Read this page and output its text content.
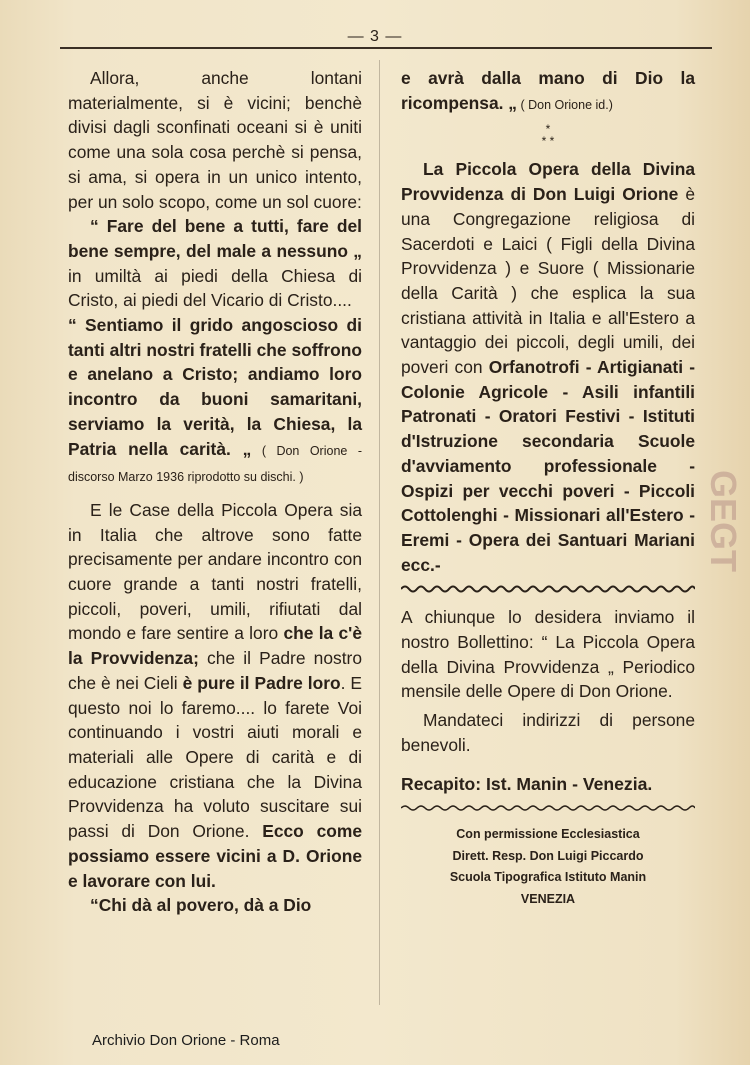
— 3 —

Allora, anche lontani materialmente, si è vicini; benchè divisi dagli sconfinati oceani si è uniti come una sola cosa perchè si pensa, si ama, si opera in un unico intento, per un solo scopo, come un sol cuore:

“ Fare del bene a tutti, fare del bene sempre, del male a nessuno „ in umiltà ai piedi della Chiesa di Cristo, ai piedi del Vicario di Cristo....

“ Sentiamo il grido angoscioso di tanti altri nostri fratelli che soffrono e anelano a Cristo; andiamo loro incontro da buoni samaritani, serviamo la verità, la Chiesa, la Patria nella carità. „ ( Don Orione - discorso Marzo 1936 riprodotto su dischi. )

E le Case della Piccola Opera sia in Italia che altrove sono fatte precisamente per andare incontro con cuore grande a tanti nostri fratelli, piccoli, poveri, umili, rifiutati dal mondo e fare sentire a loro che la c'è la Provvidenza; che il Padre nostro che è nei Cieli è pure il Padre loro. E questo noi lo faremo.... lo farete Voi continuando i vostri aiuti morali e materiali alle Opere di carità e di educazione cristiana che la Divina Provvidenza ha voluto suscitare sui passi di Don Orione. Ecco come possiamo essere vicini a D. Orione e lavorare con lui.

“Chi dà al povero, dà a Dio

e avrà dalla mano di Dio la ricompensa. „ ( Don Orione id.)

*
* *

La Piccola Opera della Divina Provvidenza di Don Luigi Orione è una Congregazione religiosa di Sacerdoti e Laici ( Figli della Divina Provvidenza ) e Suore ( Missionarie della Carità ) che esplica la sua cristiana attività in Italia e all'Estero a vantaggio dei piccoli, degli umili, dei poveri con Orfanotrofi - Artigianati - Colonie Agricole - Asili infantili Patronati - Oratori Festivi - Istituti d'Istruzione secondaria Scuole d'avviamento professionale - Ospizi per vecchi poveri - Piccoli Cottolenghi - Missionari all'Estero - Eremi - Opera dei Santuari Mariani ecc.-

A chiunque lo desidera inviamo il nostro Bollettino: “ La Piccola Opera della Divina Provvidenza „ Periodico mensile delle Opere di Don Orione.

Mandateci indirizzi di persone benevoli.

Recapito: Ist. Manin - Venezia.

Con permissione Ecclesiastica
Dirett. Resp. Don Luigi Piccardo
Scuola Tipografica Istituto Manin
VENEZIA
GEGT
Archivio Don Orione - Roma
